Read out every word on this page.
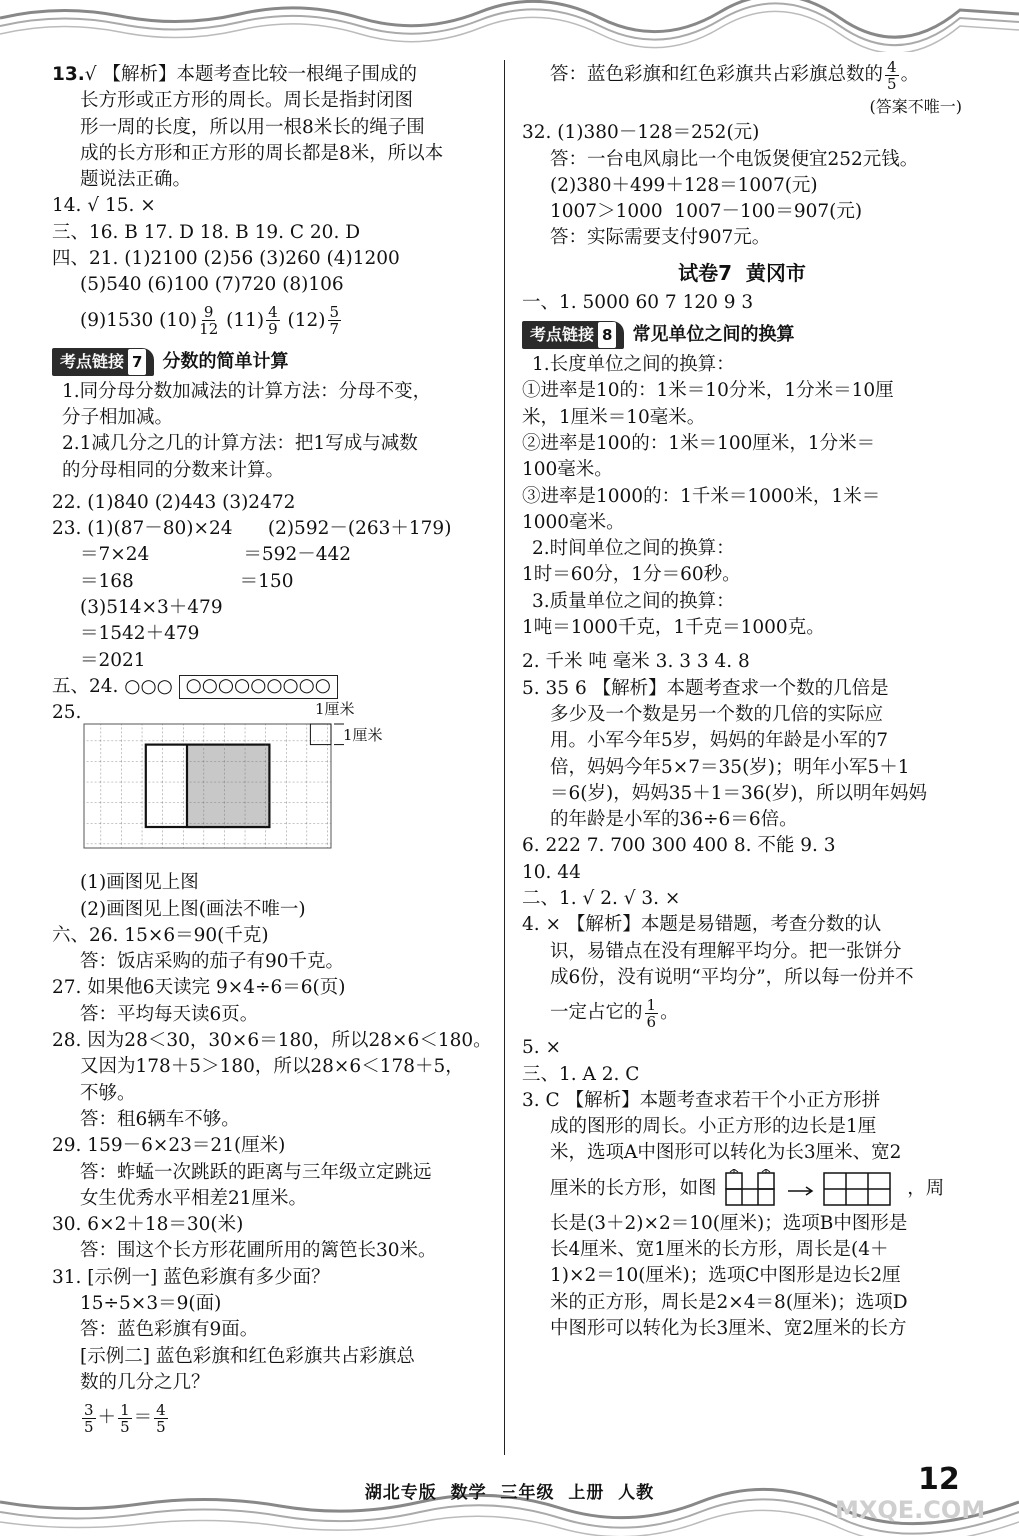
13.√ 【解析】本题考查比较一根绳子围成的
长方形或正方形的周长。周长是指封闭图
形一周的长度，所以用一根8米长的绳子围
成的长方形和正方形的周长都是8米，所以本
题说法正确。
14. √ 15. ×
三、16. B 17. D 18. B 19. C 20. D
四、21. (1)2100 (2)56 (3)260 (4)1200
(5)540 (6)100 (7)720 (8)106
(9)1530 $(10) \frac{9}{12} (11) \frac{4}{9} (12) \frac{5}{7}$
考点链接 7 分数的简单计算
1.同分母分数加减法的计算方法：分母不变，
分子相加减。
2.1减几分之几的计算方法：把1写成与减数
的分母相同的分数来计算。
22. (1)840 (2)443 (3)2472
23. (1)(87－80)×24      (2)592－(263＋179)
＝7×24                ＝592－442
＝168                  ＝150
(3)514×3＋479
＝1542＋479
＝2021
五、24. ○○○ ○○○○○○○○○
25.	1厘米
1厘米
(1)画图见上图
(2)画图见上图(画法不唯一)
六、26. 15×6＝90(千克)
答：饭店采购的茄子有90千克。
27. 如果他6天读完 9×4÷6＝6(页)
答：平均每天读6页。
28. 因为28＜30，30×6＝180，所以28×6＜180。
又因为178＋5＞180，所以28×6＜178＋5，
不够。
答：租6辆车不够。
29. 159－6×23＝21(厘米)
答：蚱蜢一次跳跃的距离与三年级立定跳远
女生优秀水平相差21厘米。
30. 6×2＋18＝30(米)
答：围这个长方形花圃所用的篱笆长30米。
31. [示例一] 蓝色彩旗有多少面？
15÷5×3＝9(面)
答：蓝色彩旗有9面。
[示例二] 蓝色彩旗和红色彩旗共占彩旗总
数的几分之几？
$\frac{3}{5} + \frac{1}{5} = \frac{4}{5}$
答：蓝色彩旗和红色彩旗共占彩旗总数的 $\frac{4}{5}$ 。
(答案不唯一)
32. (1)380－128＝252(元)
答：一台电风扇比一个电饭煲便宜252元钱。
(2)380＋499＋128＝1007(元)
1007＞1000  1007－100＝907(元)
答：实际需要支付907元。
试卷7  黄冈市
一、1. 5000 60 7 120 9 3
考点链接 8 常见单位之间的换算
1.长度单位之间的换算：
①进率是10的：1米＝10分米，1分米＝10厘
米，1厘米＝10毫米。
②进率是100的：1米＝100厘米，1分米＝
100毫米。
③进率是1000的：1千米＝1000米，1米＝
1000毫米。
2.时间单位之间的换算：
1时＝60分，1分＝60秒。
3.质量单位之间的换算：
1吨＝1000千克，1千克＝1000克。
2. 千米 吨 毫米 3. 3 3 4. 8
5. 35 6 【解析】本题考查求一个数的几倍是
多少及一个数是另一个数的几倍的实际应
用。小军今年5岁，妈妈的年龄是小军的7
倍，妈妈今年5×7＝35(岁)；明年小军5＋1
＝6(岁)，妈妈35＋1＝36(岁)，所以明年妈妈
的年龄是小军的36÷6＝6倍。
6. 222 7. 700 300 400 8. 不能 9. 3
10. 44
二、1. √ 2. √ 3. ×
4. × 【解析】本题是易错题，考查分数的认
识，易错点在没有理解平均分。把一张饼分
成6份，没有说明“平均分”，所以每一份并不
一定占它的 $\frac{1}{6}$ 。
5. ×
三、1. A 2. C
3. C 【解析】本题考查求若干个小正方形拼
成的图形的周长。小正方形的边长是1厘
米，选项A中图形可以转化为长3厘米、宽2
厘米的长方形，如图	，周
长是(3＋2)×2＝10(厘米)；选项B中图形是
长4厘米、宽1厘米的长方形，周长是(4＋
1)×2＝10(厘米)；选项C中图形是边长2厘
米的正方形，周长是2×4＝8(厘米)；选项D
中图形可以转化为长3厘米、宽2厘米的长方
湖北专版  数学  三年级  上册  人教	12
MXQE.COM
